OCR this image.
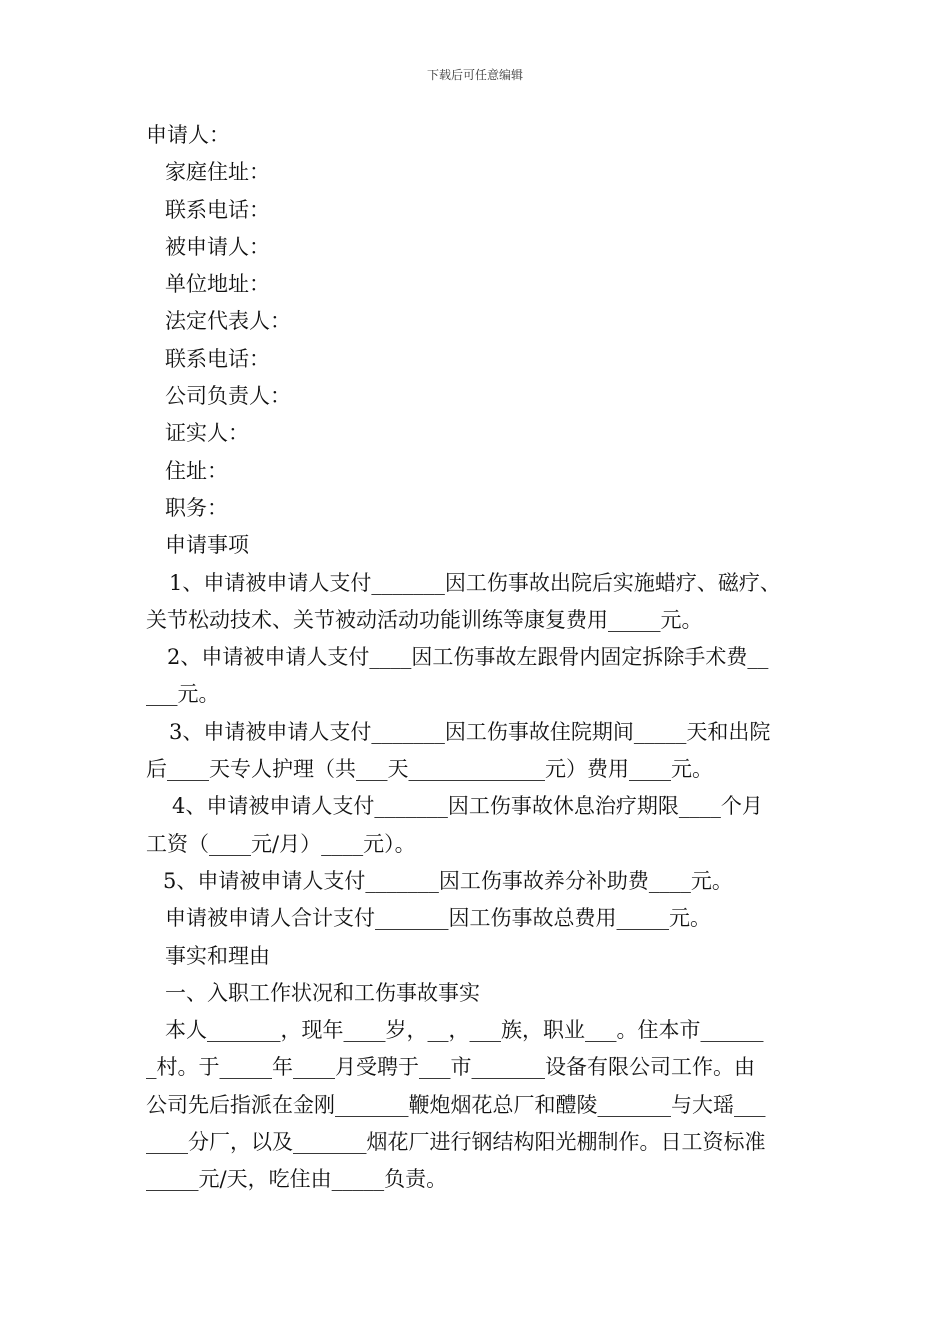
下载后可任意编辑
申请人：
家庭住址：
联系电话：
被申请人：
单位地址：
法定代表人：
联系电话：
公司负责人：
证实人：
住址：
职务：
申请事项
1、申请被申请人支付_______因工伤事故出院后实施蜡疗、磁疗、
关节松动技术、关节被动活动功能训练等康复费用_____元。
2、申请被申请人支付____因工伤事故左跟骨内固定拆除手术费__
___元。
3、申请被申请人支付_______因工伤事故住院期间_____天和出院
后____天专人护理（共___天_____________元）费用____元。
4、申请被申请人支付_______因工伤事故休息治疗期限____个月
工资（____元/月）____元）。
5、申请被申请人支付_______因工伤事故养分补助费____元。
申请被申请人合计支付_______因工伤事故总费用_____元。
事实和理由
一、入职工作状况和工伤事故事实
本人_______，现年____岁，__，___族，职业___。住本市______
_村。于_____年____月受聘于___市_______设备有限公司工作。由
公司先后指派在金刚_______鞭炮烟花总厂和醴陵_______与大瑶___
____分厂，以及_______烟花厂进行钢结构阳光棚制作。日工资标准
_____元/天，吃住由_____负责。
